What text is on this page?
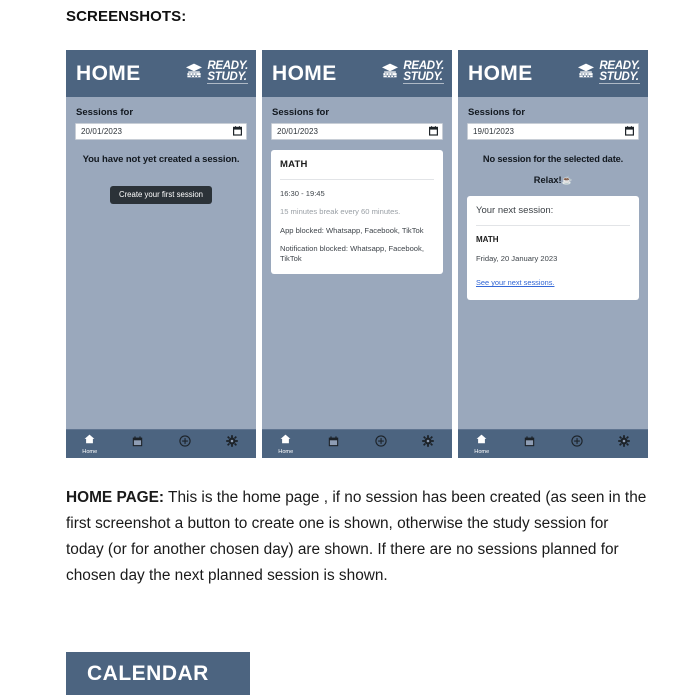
SCREENSHOTS:
HOME	READY.
STUDY.
Sessions for
20/01/2023
You have not yet created a session.
Create your first session
Home
HOME	READY.
STUDY.
Sessions for
20/01/2023
MATH
16:30 - 19:45
15 minutes break every 60 minutes.
App blocked: Whatsapp, Facebook, TikTok
Notification blocked: Whatsapp, Facebook, TikTok
Home
HOME	READY.
STUDY.
Sessions for
19/01/2023
No session for the selected date.
Relax!☕
Your next session:
MATH
Friday, 20 January 2023
See your next sessions.
Home
HOME PAGE: This is the home page , if no session has been created (as seen in the
first screenshot a button to create one is shown, otherwise the study session for
today (or for another chosen day) are shown. If there are no sessions planned for
chosen day the next planned session is shown.
CALENDAR
